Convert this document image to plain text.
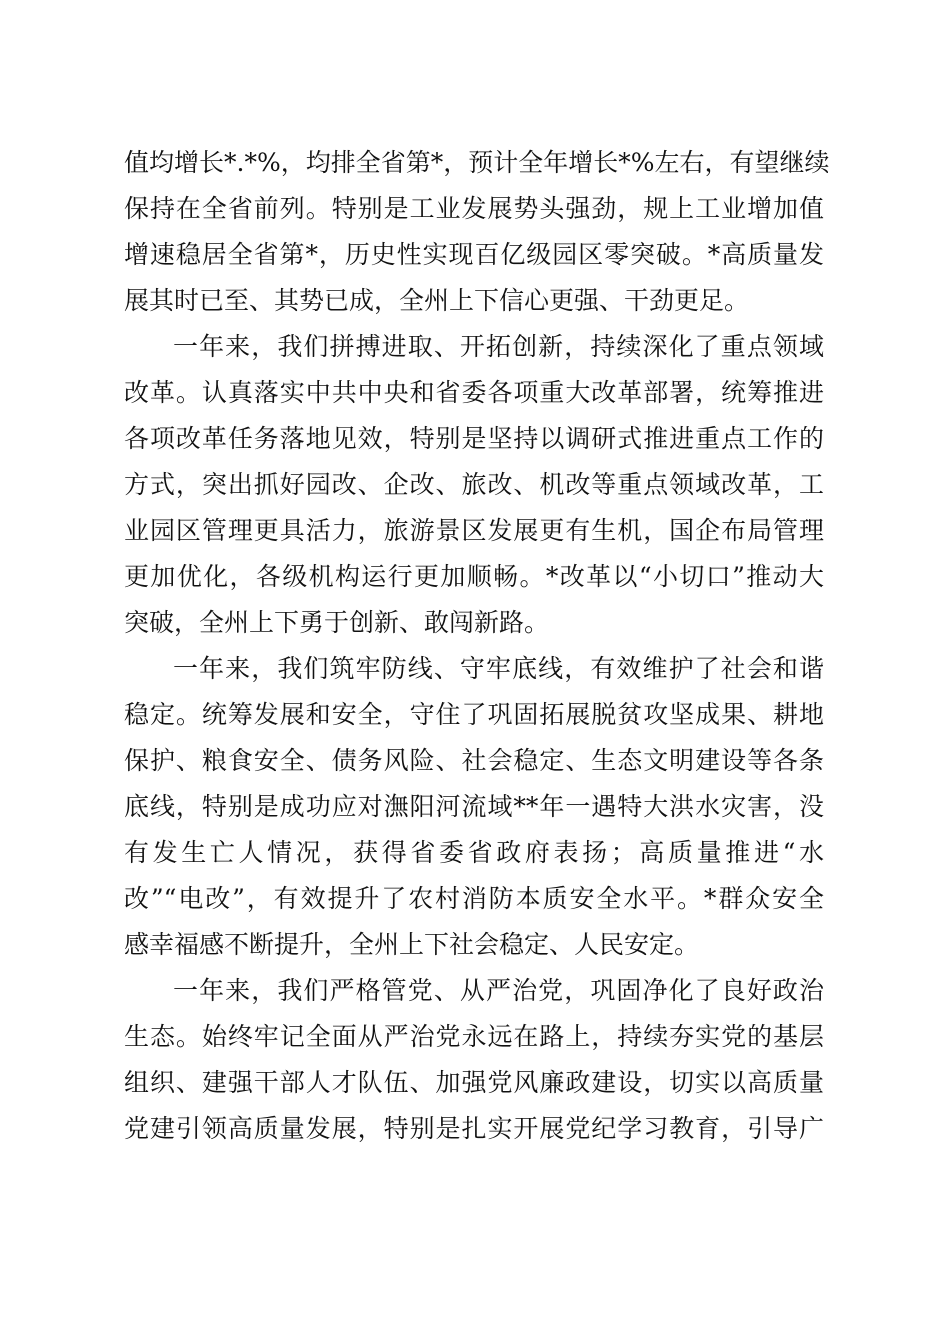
值均增长*.*%，均排全省第*，预计全年增长*%左右，有望继续
保持在全省前列。特别是工业发展势头强劲，规上工业增加值
增速稳居全省第*，历史性实现百亿级园区零突破。*高质量发
展其时已至、其势已成，全州上下信心更强、干劲更足。
一年来，我们拼搏进取、开拓创新，持续深化了重点领域
改革。认真落实中共中央和省委各项重大改革部署，统筹推进
各项改革任务落地见效，特别是坚持以调研式推进重点工作的
方式，突出抓好园改、企改、旅改、机改等重点领域改革，工
业园区管理更具活力，旅游景区发展更有生机，国企布局管理
更加优化，各级机构运行更加顺畅。*改革以“小切口”推动大
突破，全州上下勇于创新、敢闯新路。
一年来，我们筑牢防线、守牢底线，有效维护了社会和谐
稳定。统筹发展和安全，守住了巩固拓展脱贫攻坚成果、耕地
保护、粮食安全、债务风险、社会稳定、生态文明建设等各条
底线，特别是成功应对潕阳河流域**年一遇特大洪水灾害，没
有发生亡人情况，获得省委省政府表扬；高质量推进“水
改”“电改”，有效提升了农村消防本质安全水平。*群众安全
感幸福感不断提升，全州上下社会稳定、人民安定。
一年来，我们严格管党、从严治党，巩固净化了良好政治
生态。始终牢记全面从严治党永远在路上，持续夯实党的基层
组织、建强干部人才队伍、加强党风廉政建设，切实以高质量
党建引领高质量发展，特别是扎实开展党纪学习教育，引导广
